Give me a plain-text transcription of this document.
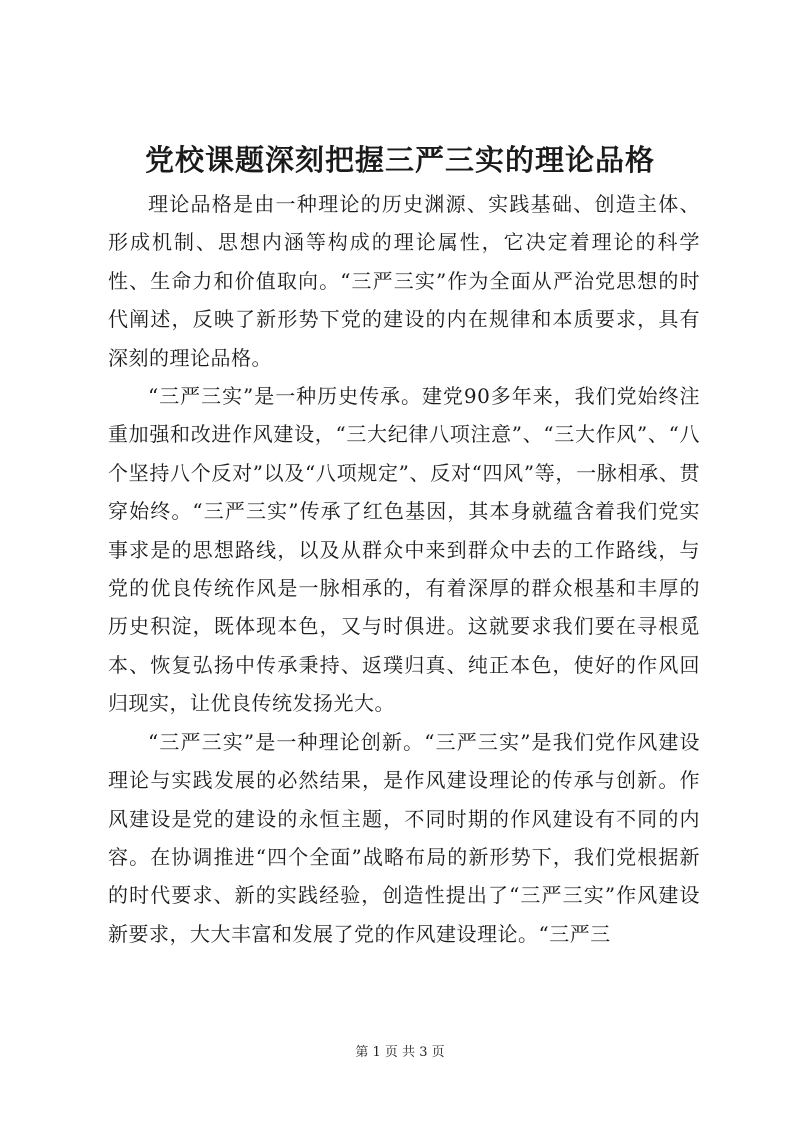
党校课题深刻把握三严三实的理论品格

理论品格是由一种理论的历史渊源、实践基础、创造主体、形成机制、思想内涵等构成的理论属性，它决定着理论的科学性、生命力和价值取向。“三严三实”作为全面从严治党思想的时代阐述，反映了新形势下党的建设的内在规律和本质要求，具有深刻的理论品格。

“三严三实”是一种历史传承。建党90多年来，我们党始终注重加强和改进作风建设，“三大纪律八项注意”、“三大作风”、“八个坚持八个反对”以及“八项规定”、反对“四风”等，一脉相承、贯穿始终。“三严三实”传承了红色基因，其本身就蕴含着我们党实事求是的思想路线，以及从群众中来到群众中去的工作路线，与党的优良传统作风是一脉相承的，有着深厚的群众根基和丰厚的历史积淀，既体现本色，又与时俱进。这就要求我们要在寻根觅本、恢复弘扬中传承秉持、返璞归真、纯正本色，使好的作风回归现实，让优良传统发扬光大。

“三严三实”是一种理论创新。“三严三实”是我们党作风建设理论与实践发展的必然结果，是作风建设理论的传承与创新。作风建设是党的建设的永恒主题，不同时期的作风建设有不同的内容。在协调推进“四个全面”战略布局的新形势下，我们党根据新的时代要求、新的实践经验，创造性提出了“三严三实”作风建设新要求，大大丰富和发展了党的作风建设理论。“三严三

第 1 页 共 3 页
